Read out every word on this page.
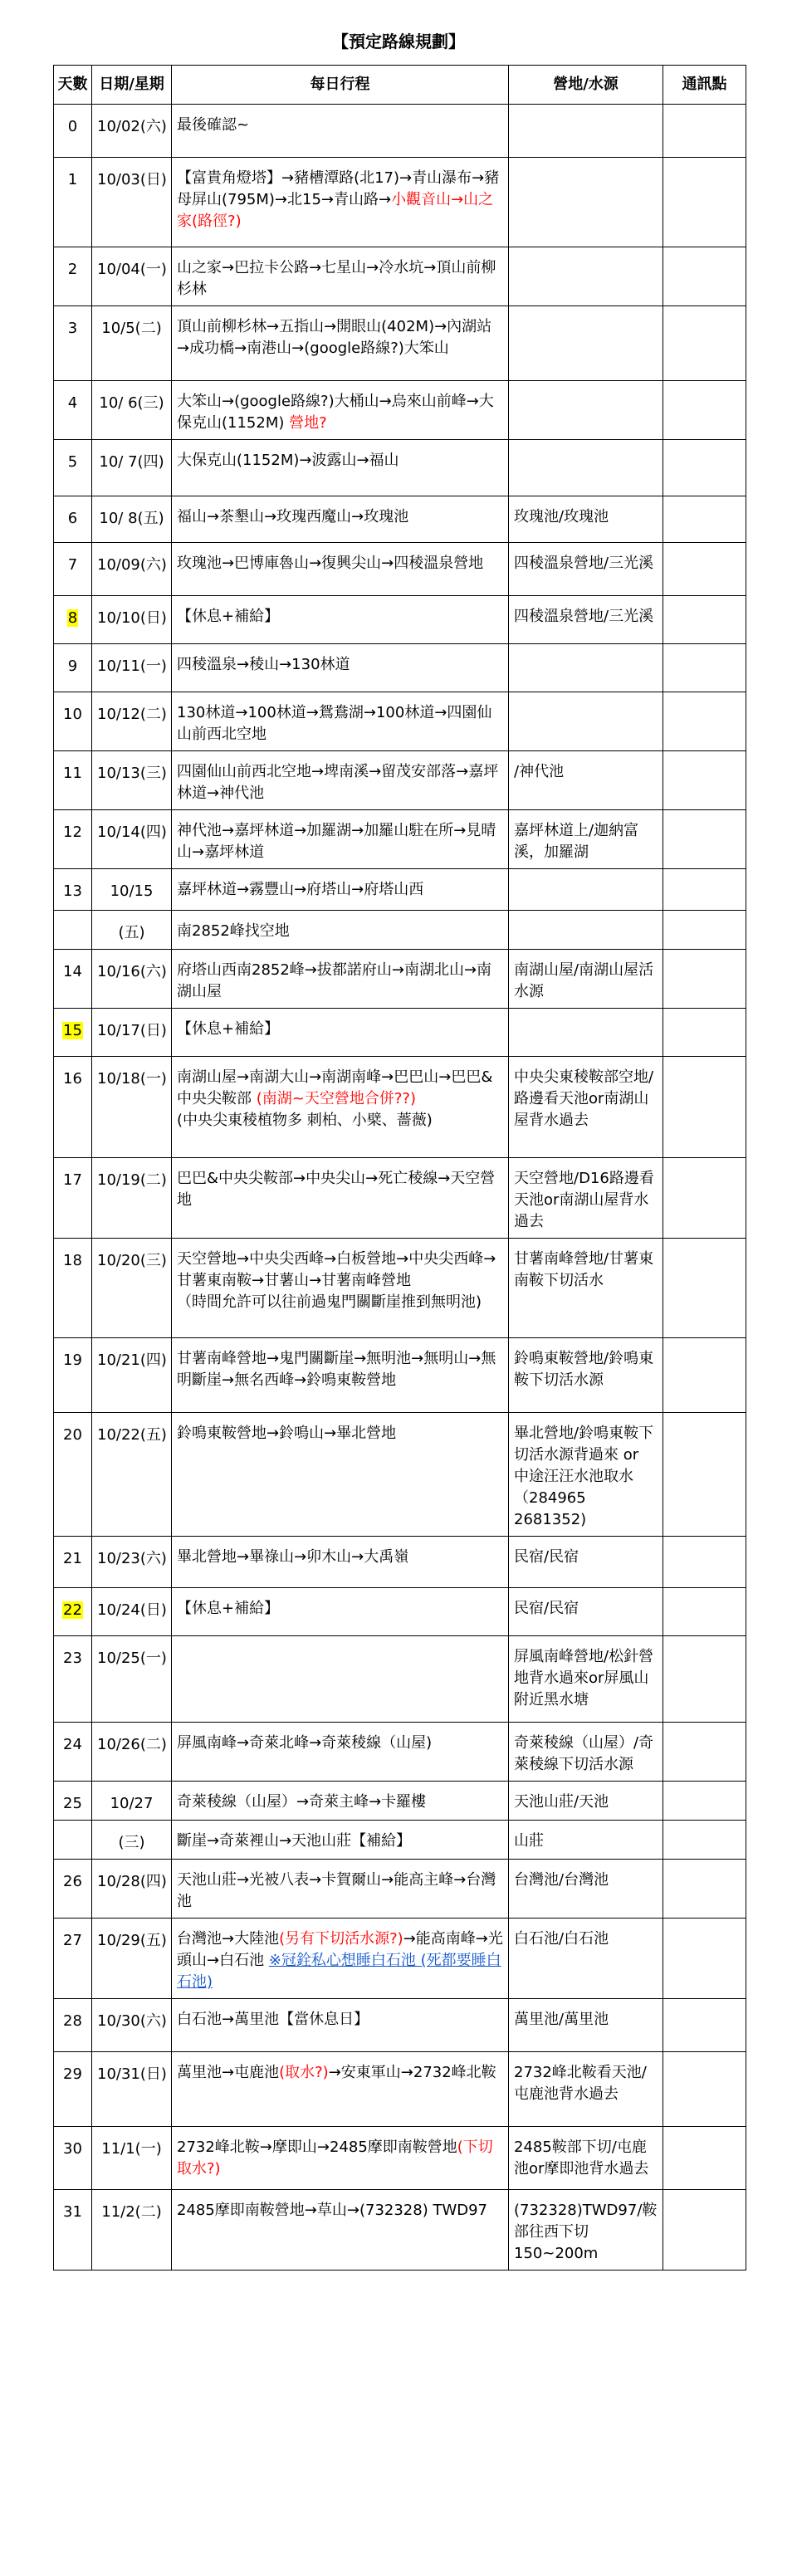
【預定路線規劃】
天數	日期/星期	每日行程	營地/水源	通訊點
0	10/02(六)	最後確認~		
1	10/03(日)	【富貴角燈塔】→豬槽潭路(北17)→青山瀑布→豬母屏山(795M)→北15→青山路→小觀音山→山之家(路徑?)		
2	10/04(一)	山之家→巴拉卡公路→七星山→冷水坑→頂山前柳杉林		
3	10/5(二)	頂山前柳杉林→五指山→開眼山(402M)→內湖站→成功橋→南港山→(google路線?)大笨山		
4	10/ 6(三)	大笨山→(google路線?)大桶山→烏來山前峰→大保克山(1152M) 營地?		
5	10/ 7(四)	大保克山(1152M)→波露山→福山		
6	10/ 8(五)	福山→茶墾山→玫瑰西魔山→玫瑰池	玫瑰池/玫瑰池	
7	10/09(六)	玫瑰池→巴博庫魯山→復興尖山→四稜溫泉營地	四稜溫泉營地/三光溪	
8	10/10(日)	【休息+補給】	四稜溫泉營地/三光溪	
9	10/11(一)	四稜溫泉→稜山→130林道		
10	10/12(二)	130林道→100林道→鴛鴦湖→100林道→四園仙山前西北空地		
11	10/13(三)	四園仙山前西北空地→埤南溪→留茂安部落→嘉坪林道→神代池	/神代池	
12	10/14(四)	神代池→嘉坪林道→加羅湖→加羅山駐在所→見晴山→嘉坪林道	嘉坪林道上/迦納富溪，加羅湖	
13	10/15	嘉坪林道→霧豐山→府塔山→府塔山西		
	(五)	南2852峰找空地		
14	10/16(六)	府塔山西南2852峰→拔都諾府山→南湖北山→南湖山屋	南湖山屋/南湖山屋活水源	
15	10/17(日)	【休息+補給】		
16	10/18(一)	南湖山屋→南湖大山→南湖南峰→巴巴山→巴巴&中央尖鞍部 (南湖~天空營地合併??)
(中央尖東稜植物多 刺柏、小檗、薔薇)	中央尖東稜鞍部空地/路邊看天池or南湖山屋背水過去	
17	10/19(二)	巴巴&中央尖鞍部→中央尖山→死亡稜線→天空營地	天空營地/D16路邊看天池or南湖山屋背水過去	
18	10/20(三)	天空營地→中央尖西峰→白板營地→中央尖西峰→甘薯東南鞍→甘薯山→甘薯南峰營地
（時間允許可以往前過鬼門關斷崖推到無明池)	甘薯南峰營地/甘薯東南鞍下切活水	
19	10/21(四)	甘薯南峰營地→鬼門關斷崖→無明池→無明山→無明斷崖→無名西峰→鈴鳴東鞍營地	鈴鳴東鞍營地/鈴鳴東鞍下切活水源	
20	10/22(五)	鈴鳴東鞍營地→鈴鳴山→畢北營地	畢北營地/鈴鳴東鞍下切活水源背過來 or 中途汪汪水池取水（284965 2681352)	
21	10/23(六)	畢北營地→畢祿山→卯木山→大禹嶺	民宿/民宿	
22	10/24(日)	【休息+補給】	民宿/民宿	
23	10/25(一)		屏風南峰營地/松針營地背水過來or屏風山附近黑水塘	
24	10/26(二)	屏風南峰→奇萊北峰→奇萊稜線（山屋)	奇萊稜線（山屋）/奇萊稜線下切活水源	
25	10/27	奇萊稜線（山屋）→奇萊主峰→卡羅樓	天池山莊/天池	
	(三)	斷崖→奇萊裡山→天池山莊【補給】	山莊	
26	10/28(四)	天池山莊→光被八表→卡賀爾山→能高主峰→台灣池	台灣池/台灣池	
27	10/29(五)	台灣池→大陸池(另有下切活水源?)→能高南峰→光頭山→白石池 ※冠銓私心想睡白石池 (死都要睡白石池)	白石池/白石池	
28	10/30(六)	白石池→萬里池【當休息日】	萬里池/萬里池	
29	10/31(日)	萬里池→屯鹿池(取水?)→安東軍山→2732峰北鞍	2732峰北鞍看天池/屯鹿池背水過去	
30	11/1(一)	2732峰北鞍→摩即山→2485摩即南鞍營地(下切取水?)	2485鞍部下切/屯鹿池or摩即池背水過去	
31	11/2(二)	2485摩即南鞍營地→草山→(732328) TWD97	(732328)TWD97/鞍部往西下切150~200m	
